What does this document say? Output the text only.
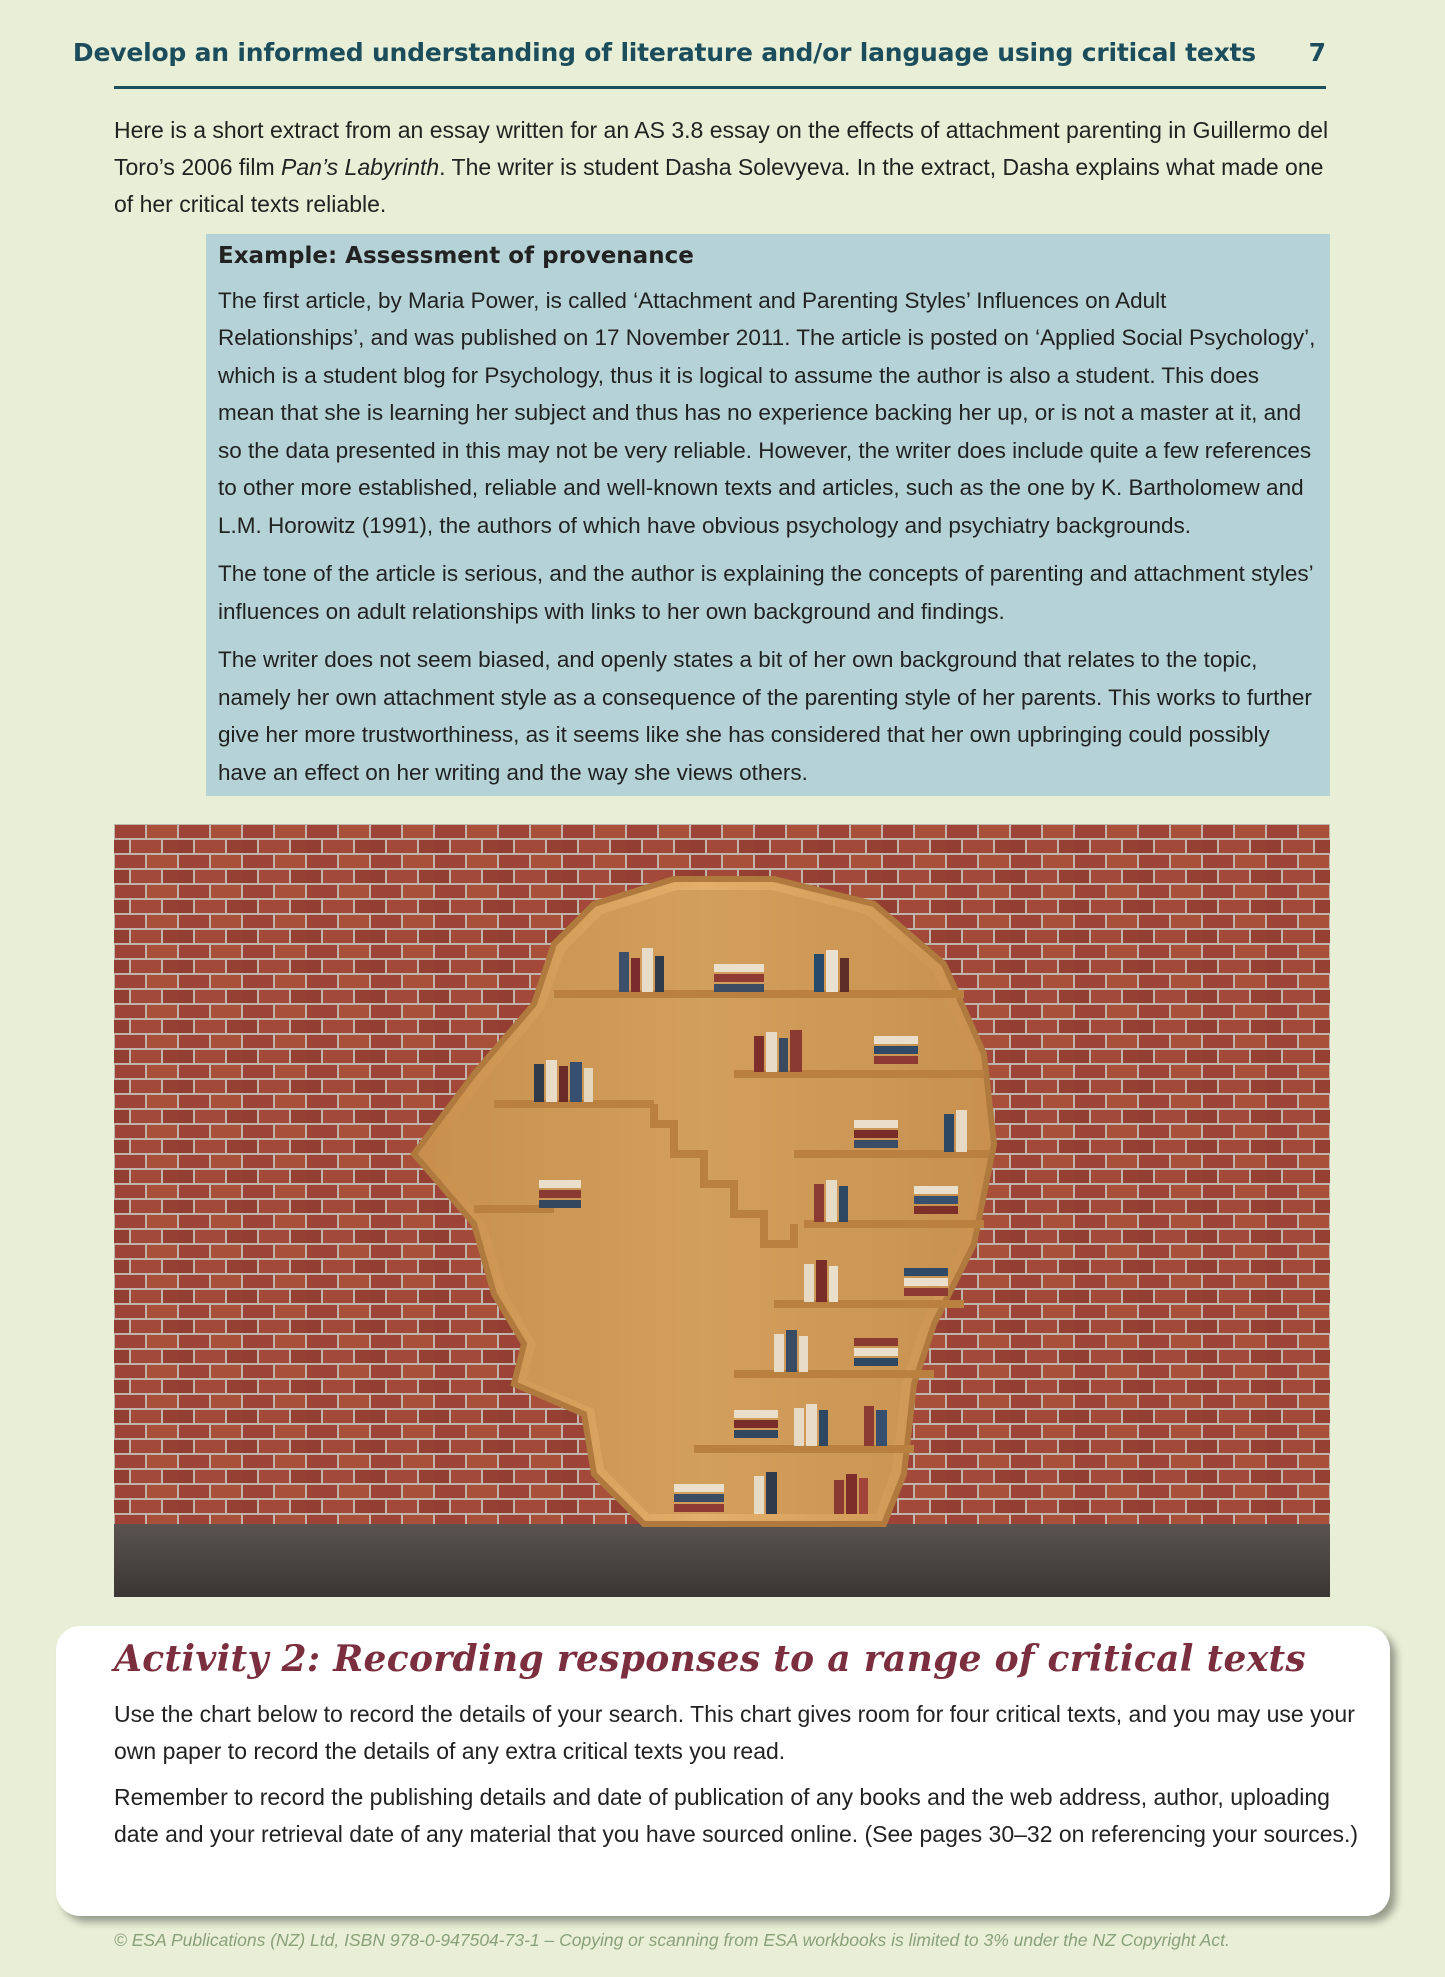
Develop an informed understanding of literature and/or language using critical texts 7

Here is a short extract from an essay written for an AS 3.8 essay on the effects of attachment parenting in Guillermo del Toro’s 2006 film Pan’s Labyrinth. The writer is student Dasha Solevyeva. In the extract, Dasha explains what made one of her critical texts reliable.

Example: Assessment of provenance

The first article, by Maria Power, is called ‘Attachment and Parenting Styles’ Influences on Adult Relationships’, and was published on 17 November 2011. The article is posted on ‘Applied Social Psychology’, which is a student blog for Psychology, thus it is logical to assume the author is also a student. This does mean that she is learning her subject and thus has no experience backing her up, or is not a master at it, and so the data presented in this may not be very reliable. However, the writer does include quite a few references to other more established, reliable and well-known texts and articles, such as the one by K. Bartholomew and L.M. Horowitz (1991), the authors of which have obvious psychology and psychiatry backgrounds.

The tone of the article is serious, and the author is explaining the concepts of parenting and attachment styles’ influences on adult relationships with links to her own background and findings.

The writer does not seem biased, and openly states a bit of her own background that relates to the topic, namely her own attachment style as a consequence of the parenting style of her parents. This works to further give her more trustworthiness, as it seems like she has considered that her own upbringing could possibly have an effect on her writing and the way she views others.

Activity 2: Recording responses to a range of critical texts

Use the chart below to record the details of your search. This chart gives room for four critical texts, and you may use your own paper to record the details of any extra critical texts you read.

Remember to record the publishing details and date of publication of any books and the web address, author, uploading date and your retrieval date of any material that you have sourced online. (See pages 30–32 on referencing your sources.)

© ESA Publications (NZ) Ltd, ISBN 978-0-947504-73-1 – Copying or scanning from ESA workbooks is limited to 3% under the NZ Copyright Act.
